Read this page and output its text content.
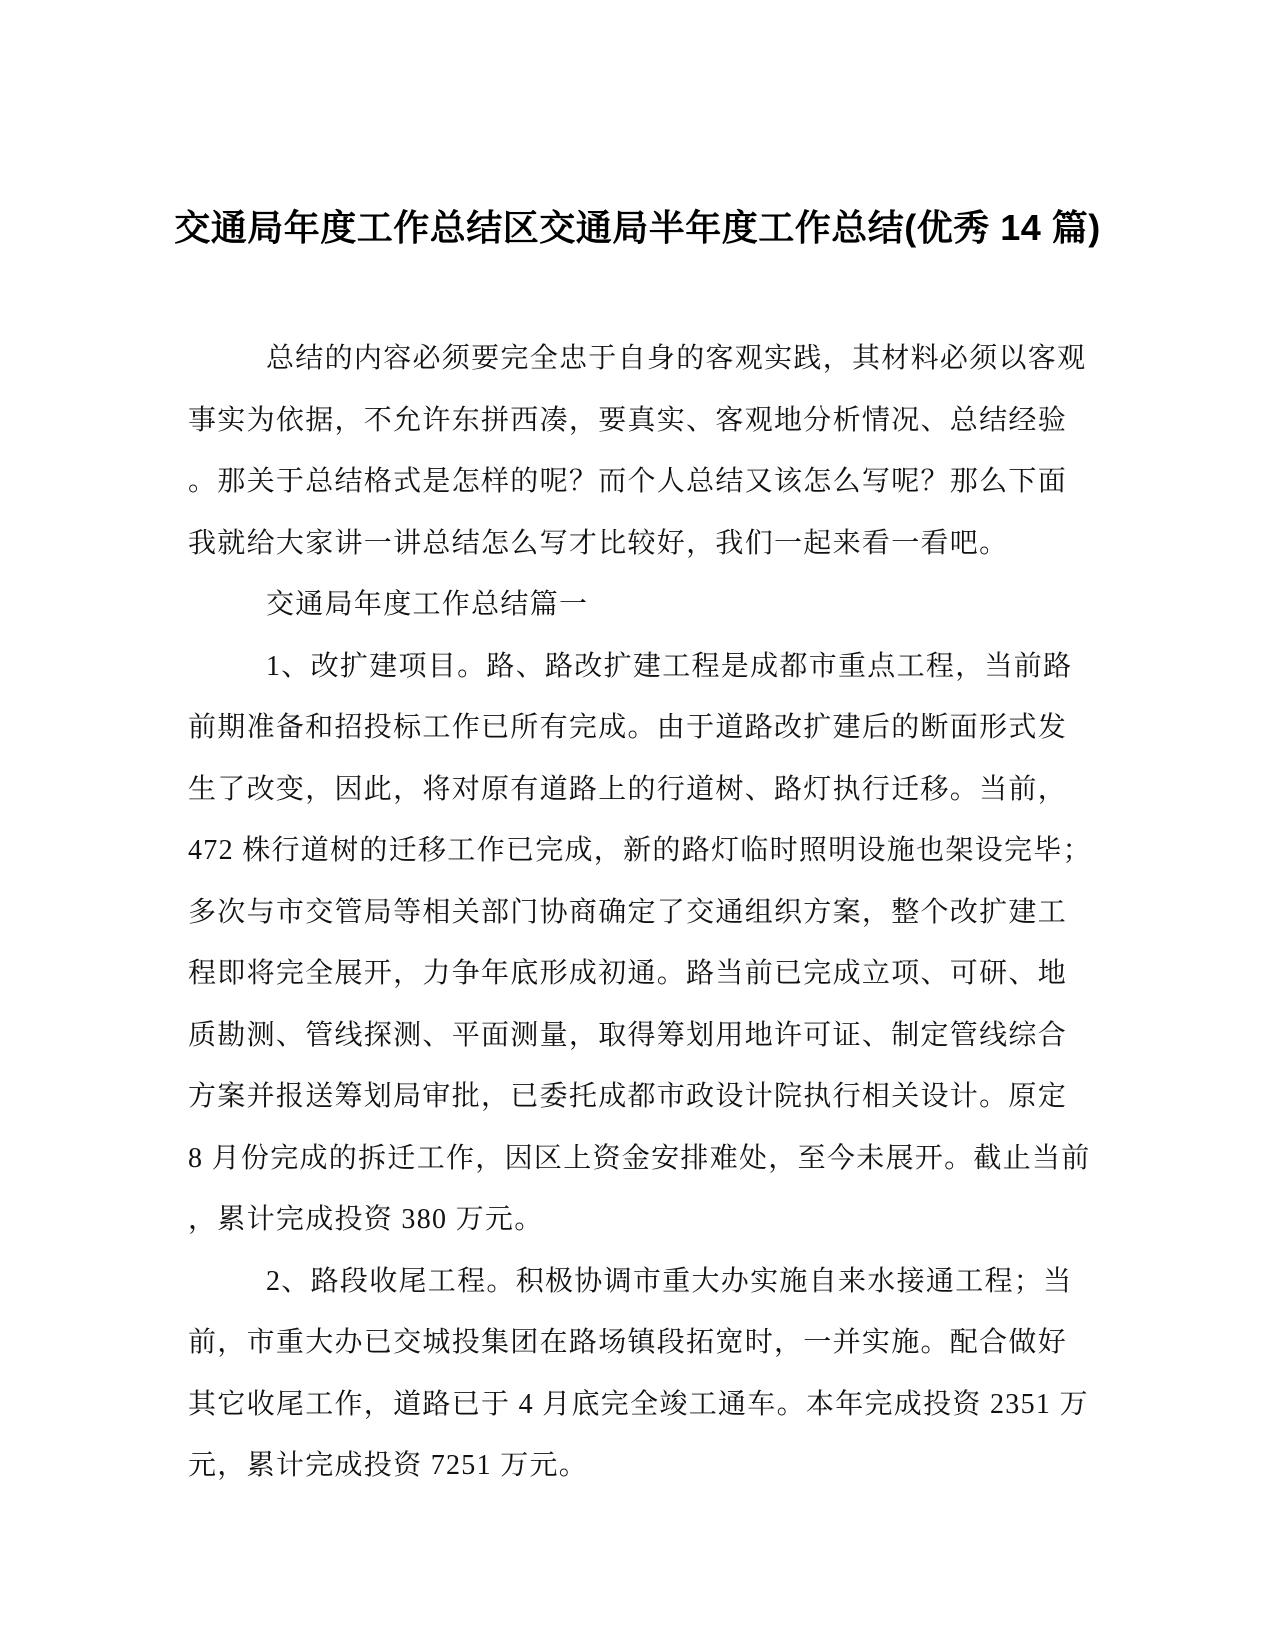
交通局年度工作总结区交通局半年度工作总结(优秀 14 篇)
总结的内容必须要完全忠于自身的客观实践，其材料必须以客观
事实为依据，不允许东拼西凑，要真实、客观地分析情况、总结经验
。那关于总结格式是怎样的呢？而个人总结又该怎么写呢？那么下面
我就给大家讲一讲总结怎么写才比较好，我们一起来看一看吧。
交通局年度工作总结篇一
1、改扩建项目。路、路改扩建工程是成都市重点工程，当前路
前期准备和招投标工作已所有完成。由于道路改扩建后的断面形式发
生了改变，因此，将对原有道路上的行道树、路灯执行迁移。当前，
472 株行道树的迁移工作已完成，新的路灯临时照明设施也架设完毕；
多次与市交管局等相关部门协商确定了交通组织方案，整个改扩建工
程即将完全展开，力争年底形成初通。路当前已完成立项、可研、地
质勘测、管线探测、平面测量，取得筹划用地许可证、制定管线综合
方案并报送筹划局审批，已委托成都市政设计院执行相关设计。原定
8 月份完成的拆迁工作，因区上资金安排难处，至今未展开。截止当前
，累计完成投资 380 万元。
2、路段收尾工程。积极协调市重大办实施自来水接通工程；当
前，市重大办已交城投集团在路场镇段拓宽时，一并实施。配合做好
其它收尾工作，道路已于 4 月底完全竣工通车。本年完成投资 2351 万
元，累计完成投资 7251 万元。
